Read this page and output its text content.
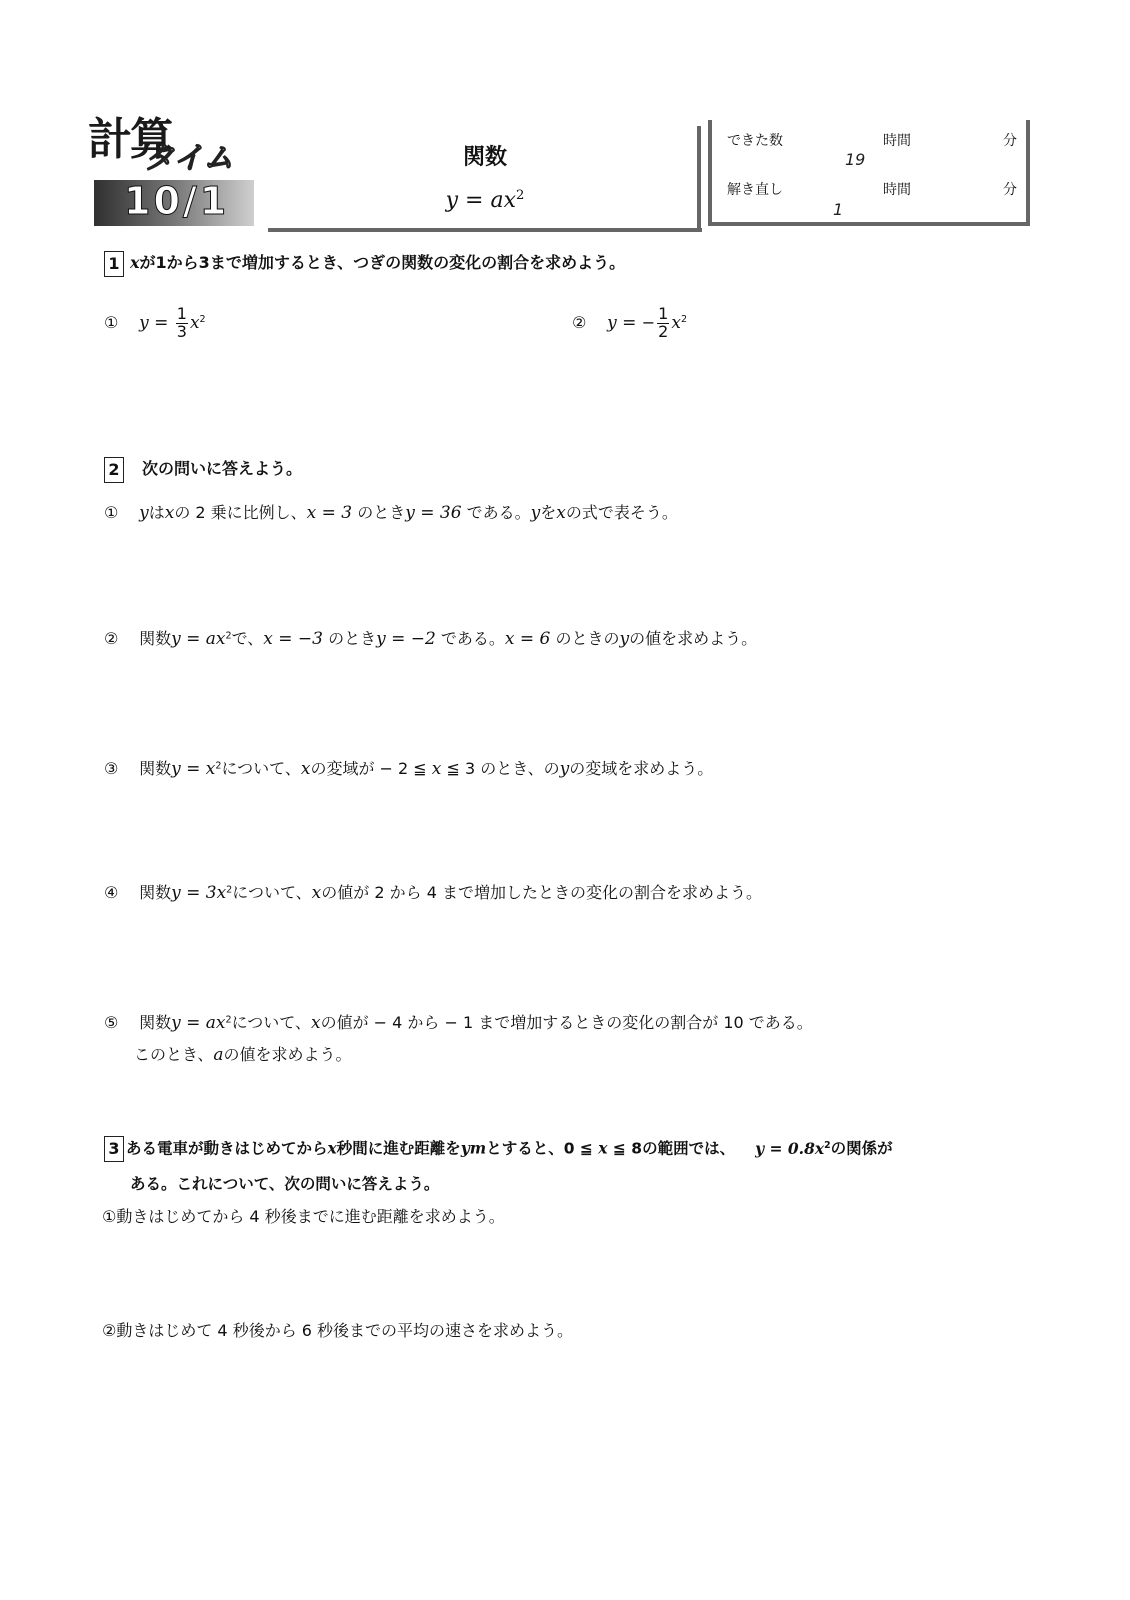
計算
タイム
10/1
関数
$y = ax^2$
できた数	時間	分
19
解き直し	時間	分
1
1 xが1から3まで増加するとき、つぎの関数の変化の割合を求めよう。
① $y = \frac{1}{3} x^2$	② y = − $\frac{1}{2} x^2$
2 次の問いに答えよう。
① yはxの 2 乗に比例し、x = 3 のときy = 36 である。yをxの式で表そう。
② 関数$y = ax^2$で、x = −3 のときy = −2 である。x = 6 のときのyの値を求めよう。
③ 関数$y = x^2$について、xの変域が − 2 ≦ x ≦ 3 のとき、のyの変域を求めよう。
④ 関数$y = 3x^2$について、xの値が 2 から 4 まで増加したときの変化の割合を求めよう。
⑤ 関数$y = ax^2$について、xの値が − 4 から − 1 まで増加するときの変化の割合が 10 である。
このとき、aの値を求めよう。
3 ある電車が動きはじめてからx秒間に進む距離をymとすると、0 ≦ x ≦ 8の範囲では、 $y = 0.8x^2$の関係が
ある。これについて、次の問いに答えよう。
①動きはじめてから 4 秒後までに進む距離を求めよう。
②動きはじめて 4 秒後から 6 秒後までの平均の速さを求めよう。
